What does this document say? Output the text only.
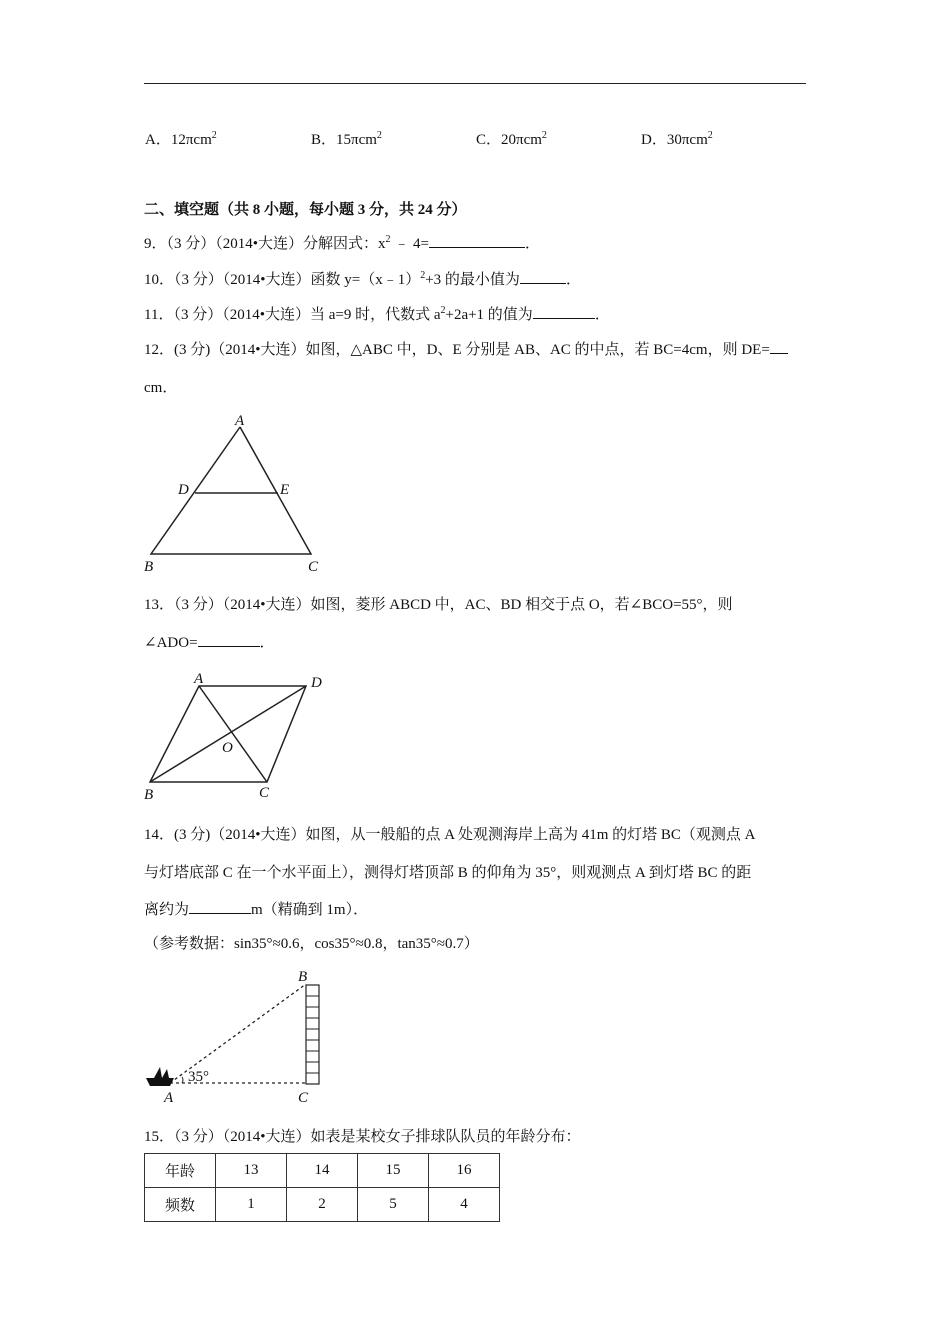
A．12πcm$^2$	B．15πcm$^2$	C．20πcm$^2$	D．30πcm$^2$
二、填空题（共 8 小题，每小题 3 分，共 24 分）
9．（3 分）（2014•大连）分解因式：$x^2$ ﹣ 4=	．
10．（3 分）（2014•大连）函数 y=（x﹣1）$^2$+3 的最小值为	．
11．（3 分）（2014•大连）当 a=9 时，代数式 $a^2+2a+1$ 的值为	．
12．(3 分)（2014•大连）如图，△ABC 中，D、E 分别是 AB、AC 的中点，若 BC=4cm，则 DE=
cm．
A
D	E
B	C
13．（3 分）（2014•大连）如图，菱形 ABCD 中，AC、BD 相交于点 O，若∠BCO=55°，则
∠ADO=	．
A	D
O
B	C
14．(3 分)（2014•大连）如图，从一般船的点 A 处观测海岸上高为 41m 的灯塔 BC（观测点 A
与灯塔底部 C 在一个水平面上），测得灯塔顶部 B 的仰角为 35°，则观测点 A 到灯塔 BC 的距
离约为	m（精确到 1m）．
（参考数据：sin35°≈0.6，cos35°≈0.8，tan35°≈0.7）
35°
B
A	C
15．（3 分）（2014•大连）如表是某校女子排球队队员的年龄分布：
年龄	13	14	15	16
频数	1	2	5	4
